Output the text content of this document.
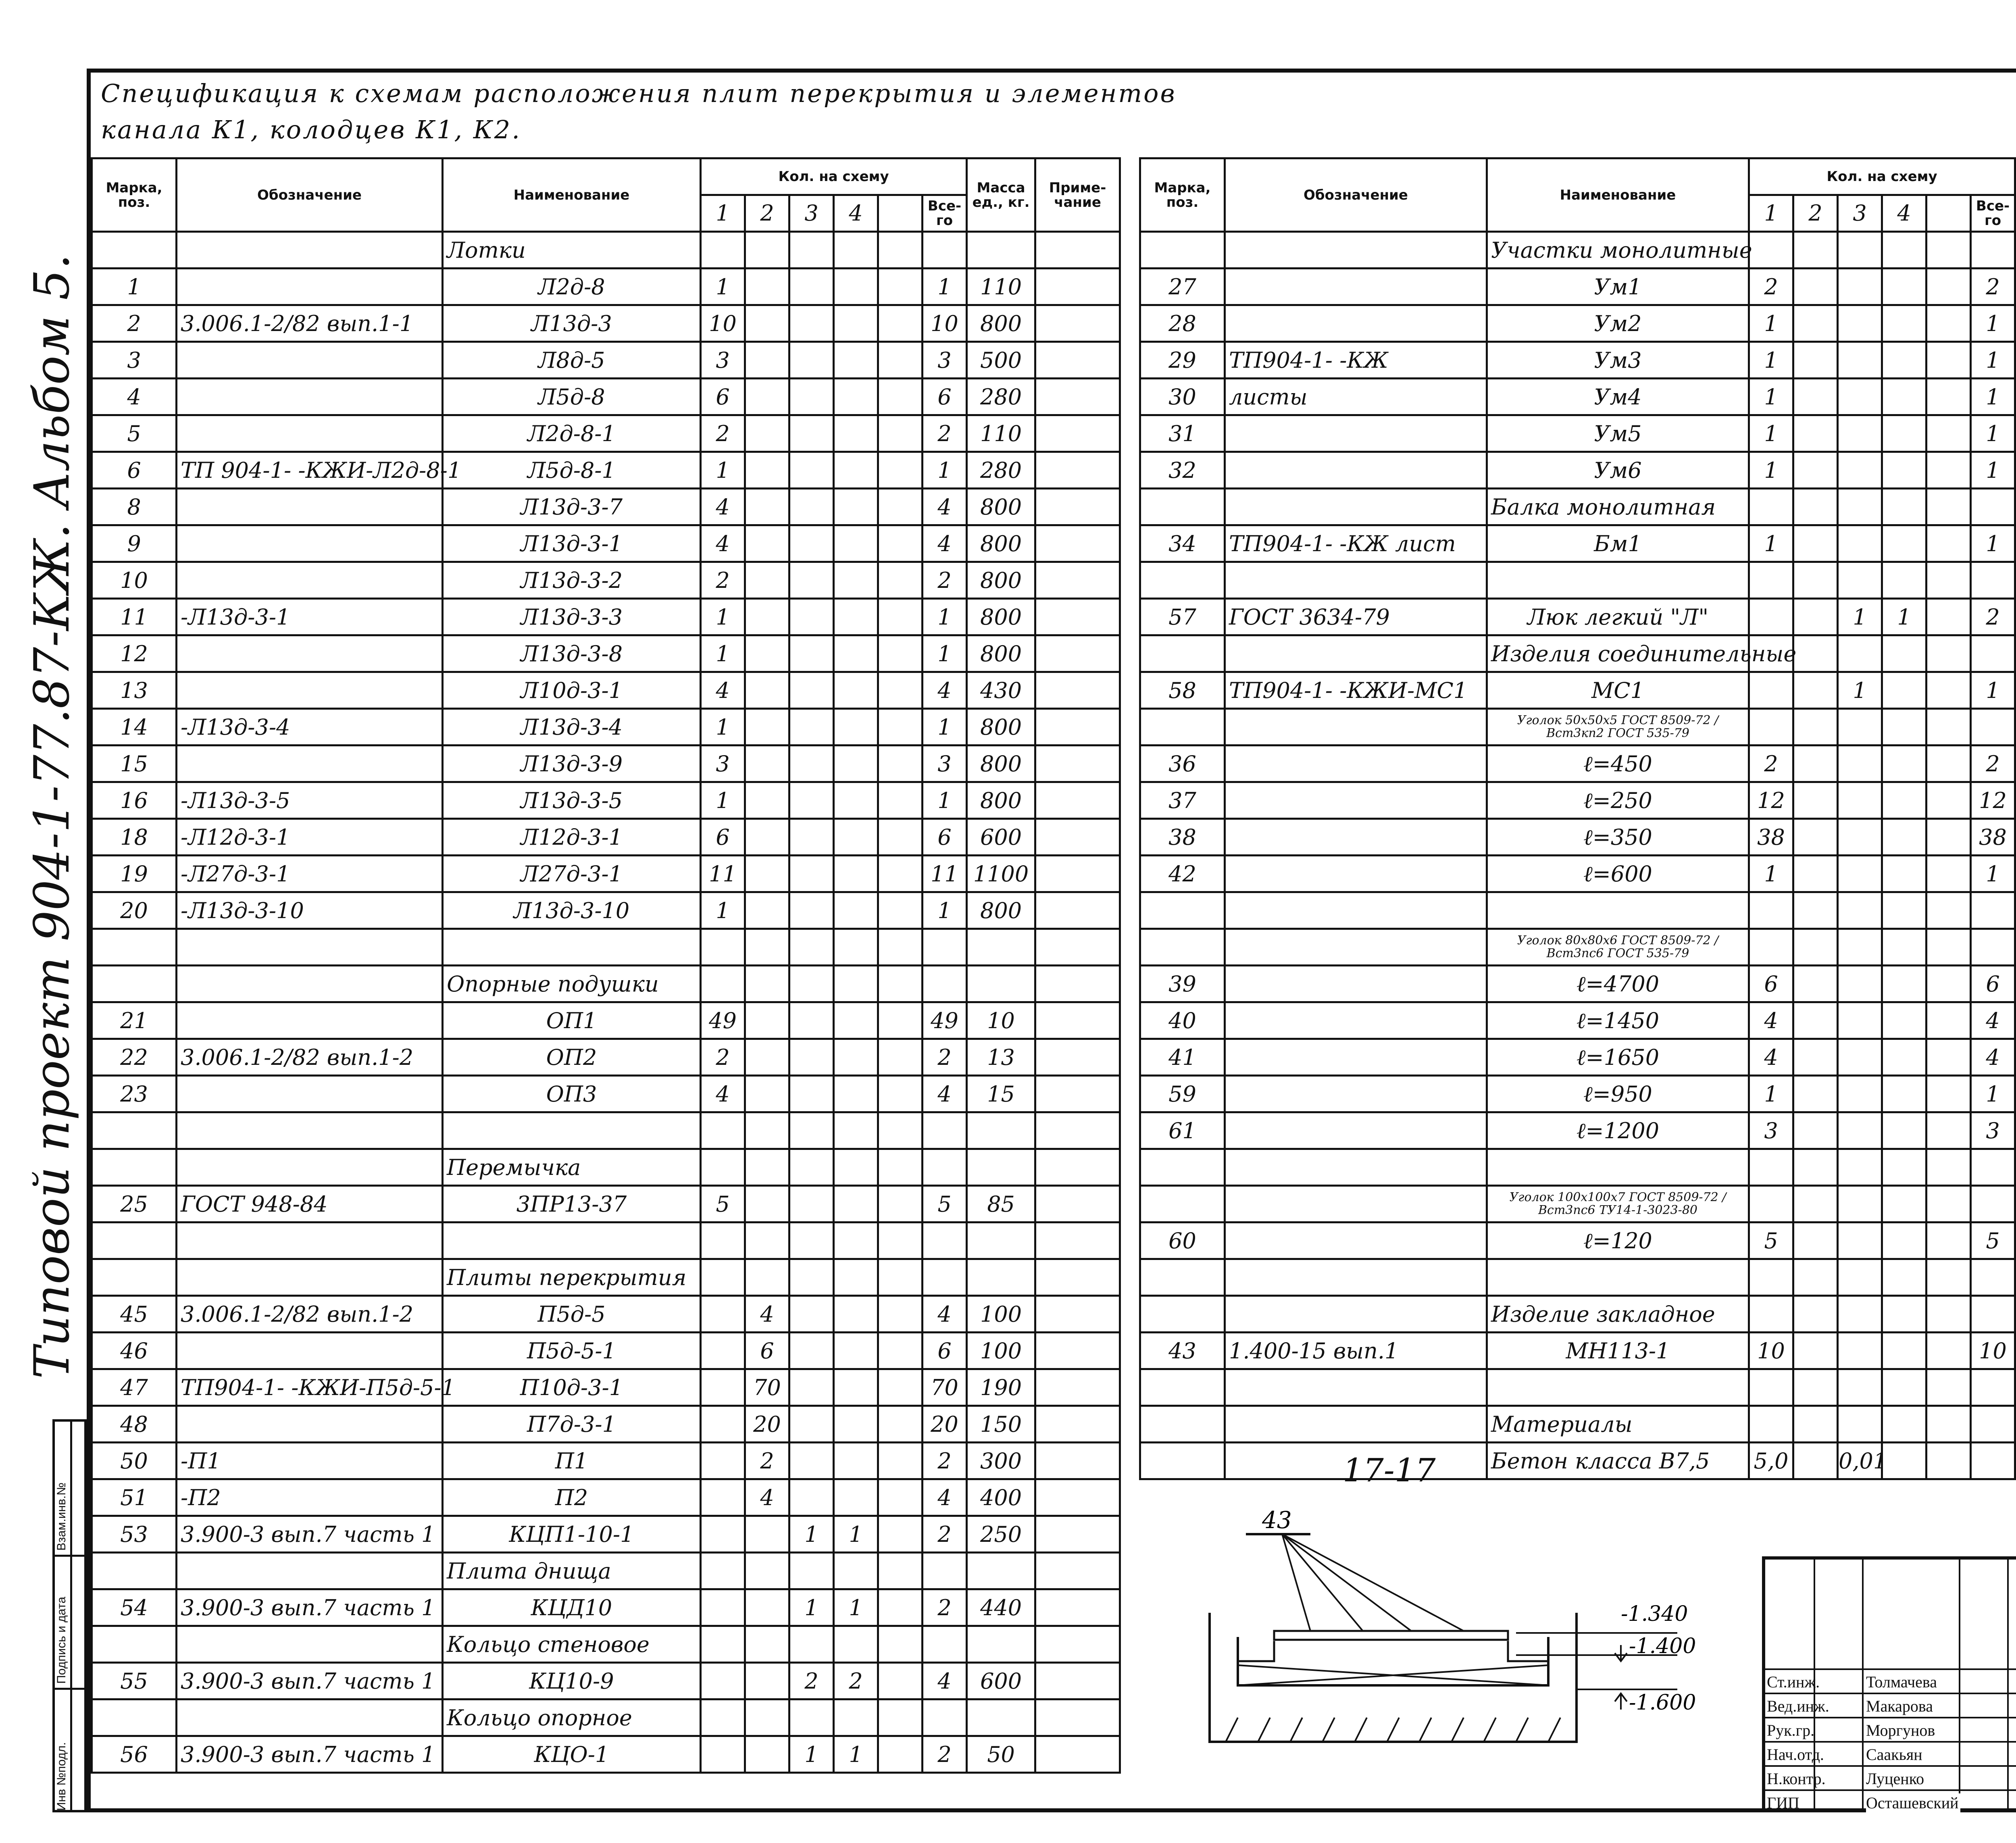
Спецификация к схемам расположения плит перекрытия и элементов
канала К1, колодцев К1, К2.
Типовой проект 904-1-77.87-КЖ. Альбом 5.
Взам.инв.№
Подпись и дата
Инв №подл.
Марка, поз.	Обозначение	Наименование	Кол. на схему						Масса ед., кг.	Приме-чание
			1	2	3	4		Все-го		
		Лотки								
1		Л2д-8	1					1	110	
2	3.006.1-2/82 вып.1-1	Л13д-3	10					10	800	
3		Л8д-5	3					3	500	
4		Л5д-8	6					6	280	
5		Л2д-8-1	2					2	110	
6	ТП 904-1- -КЖИ-Л2д-8-1	Л5д-8-1	1					1	280	
8		Л13д-3-7	4					4	800	
9		Л13д-3-1	4					4	800	
10		Л13д-3-2	2					2	800	
11	-Л13д-3-1	Л13д-3-3	1					1	800	
12		Л13д-3-8	1					1	800	
13		Л10д-3-1	4					4	430	
14	-Л13д-3-4	Л13д-3-4	1					1	800	
15		Л13д-3-9	3					3	800	
16	-Л13д-3-5	Л13д-3-5	1					1	800	
18	-Л12д-3-1	Л12д-3-1	6					6	600	
19	-Л27д-3-1	Л27д-3-1	11					11	1100	
20	-Л13д-3-10	Л13д-3-10	1					1	800	

		Опорные подушки								
21		ОП1	49					49	10	
22	3.006.1-2/82 вып.1-2	ОП2	2					2	13	
23		ОП3	4					4	15	

		Перемычка								
25	ГОСТ 948-84	3ПР13-37	5					5	85	

		Плиты перекрытия								
45	3.006.1-2/82 вып.1-2	П5д-5		4				4	100	
46		П5д-5-1		6				6	100	
47	ТП904-1- -КЖИ-П5д-5-1	П10д-3-1		70				70	190	
48		П7д-3-1		20				20	150	
50	-П1	П1		2				2	300	
51	-П2	П2		4				4	400	
53	3.900-3 вып.7 часть 1	КЦП1-10-1			1	1		2	250	
		Плита днища								
54	3.900-3 вып.7 часть 1	КЦД10			1	1		2	440	
		Кольцо стеновое								
55	3.900-3 вып.7 часть 1	КЦ10-9			2	2		4	600	
		Кольцо опорное								
56	3.900-3 вып.7 часть 1	КЦО-1			1	1		2	50	
Марка, поз.	Обозначение	Наименование	Кол. на схему		
			1	2	3	4		Все-го		
		Участки монолитные								
27		Ум1	2					2		
28		Ум2	1					1		
29	ТП904-1- -КЖ	Ум3	1					1		
30	листы	Ум4	1					1		
31		Ум5	1					1		
32		Ум6	1					1		
		Балка монолитная								
34	ТП904-1- -КЖ лист	Бм1	1					1		

57	ГОСТ 3634-79	Люк легкий "Л"			1	1		2		
		Изделия соединительные								
58	ТП904-1- -КЖИ-МС1	МС1			1			1		
		Уголок 50x50x5 ГОСТ 8509-72 / Вст3кп2 ГОСТ 535-79								
36		ℓ=450	2					2		
37		ℓ=250	12					12		
38		ℓ=350	38					38		
42		ℓ=600	1					1		

		Уголок 80x80x6 ГОСТ 8509-72 / Вст3пс6 ГОСТ 535-79								
39		ℓ=4700	6					6		
40		ℓ=1450	4					4		
41		ℓ=1650	4					4		
59		ℓ=950	1					1		
61		ℓ=1200	3					3		

		Уголок 100x100x7 ГОСТ 8509-72 / Вст3пс6 ТУ14-1-3023-80								
60		ℓ=120	5					5		

		Изделие закладное								
43	1.400-15 вып.1	МН113-1	10					10		

		Материалы								
		Бетон класса В7,5	5,0		0,01					
17-17
43
-1.340
-1.400
-1.600
Ст.инж.	Толмачева
Вед.инж. Макарова
Рук.гр.	Моргунов
Нач.отд.	Саакьян
Н.контр.	Луценко
ГИП	Осташевский
